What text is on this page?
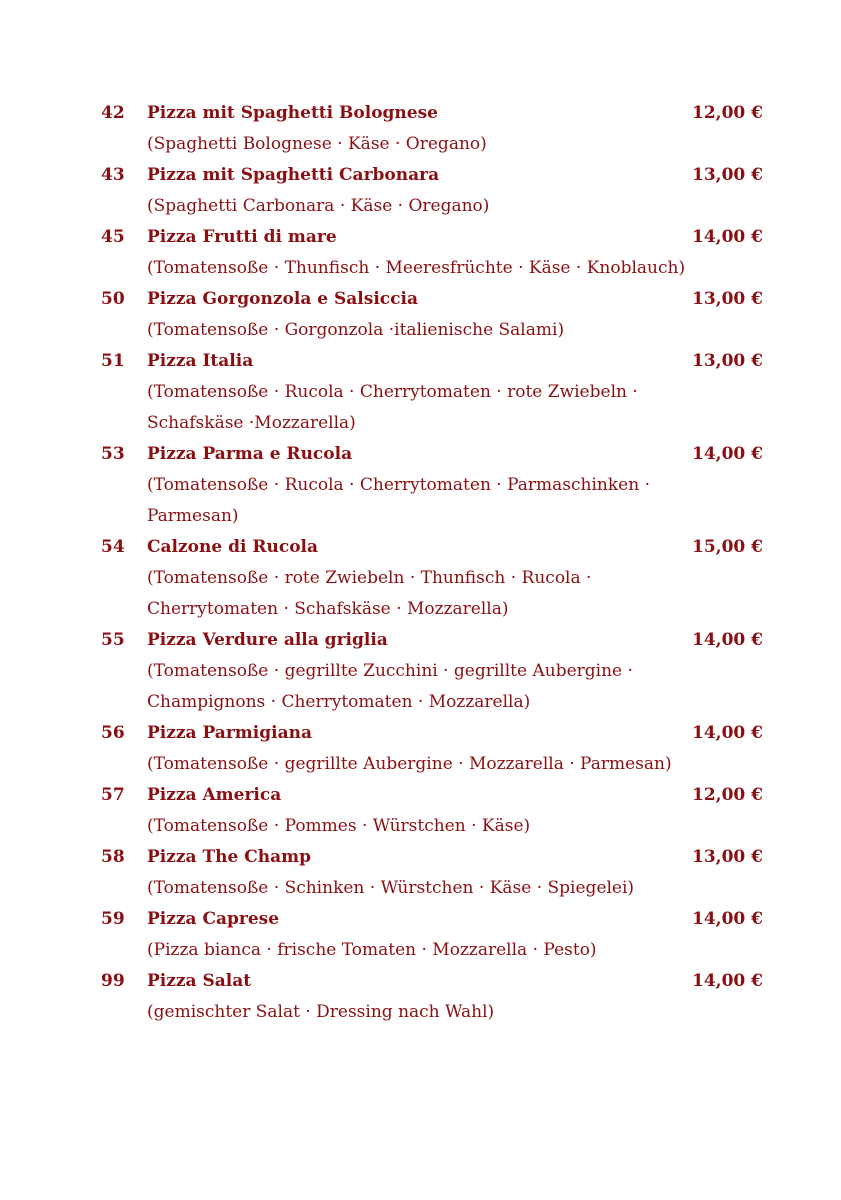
42 Pizza mit Spaghetti Bolognese	12,00 €
(Spaghetti Bolognese · Käse · Oregano)
43 Pizza mit Spaghetti Carbonara	13,00 €
(Spaghetti Carbonara · Käse · Oregano)
45 Pizza Frutti di mare	14,00 €
(Tomatensoße · Thunfisch · Meeresfrüchte · Käse · Knoblauch)
50 Pizza Gorgonzola e Salsiccia	13,00 €
(Tomatensoße · Gorgonzola ·italienische Salami)
51 Pizza Italia	13,00 €
(Tomatensoße · Rucola · Cherrytomaten · rote Zwiebeln · Schafskäse ·Mozzarella)
53 Pizza Parma e Rucola	14,00 €
(Tomatensoße · Rucola · Cherrytomaten · Parmaschinken · Parmesan)
54 Calzone di Rucola	15,00 €
(Tomatensoße · rote Zwiebeln · Thunfisch · Rucola · Cherrytomaten · Schafskäse · Mozzarella)
55 Pizza Verdure alla griglia	14,00 €
(Tomatensoße · gegrillte Zucchini · gegrillte Aubergine · Champignons · Cherrytomaten · Mozzarella)
56 Pizza Parmigiana	14,00 €
(Tomatensoße · gegrillte Aubergine · Mozzarella · Parmesan)
57 Pizza America	12,00 €
(Tomatensoße · Pommes · Würstchen · Käse)
58 Pizza The Champ	13,00 €
(Tomatensoße · Schinken · Würstchen · Käse · Spiegelei)
59 Pizza Caprese	14,00 €
(Pizza bianca · frische Tomaten · Mozzarella · Pesto)
99 Pizza Salat	14,00 €
(gemischter Salat · Dressing nach Wahl)
